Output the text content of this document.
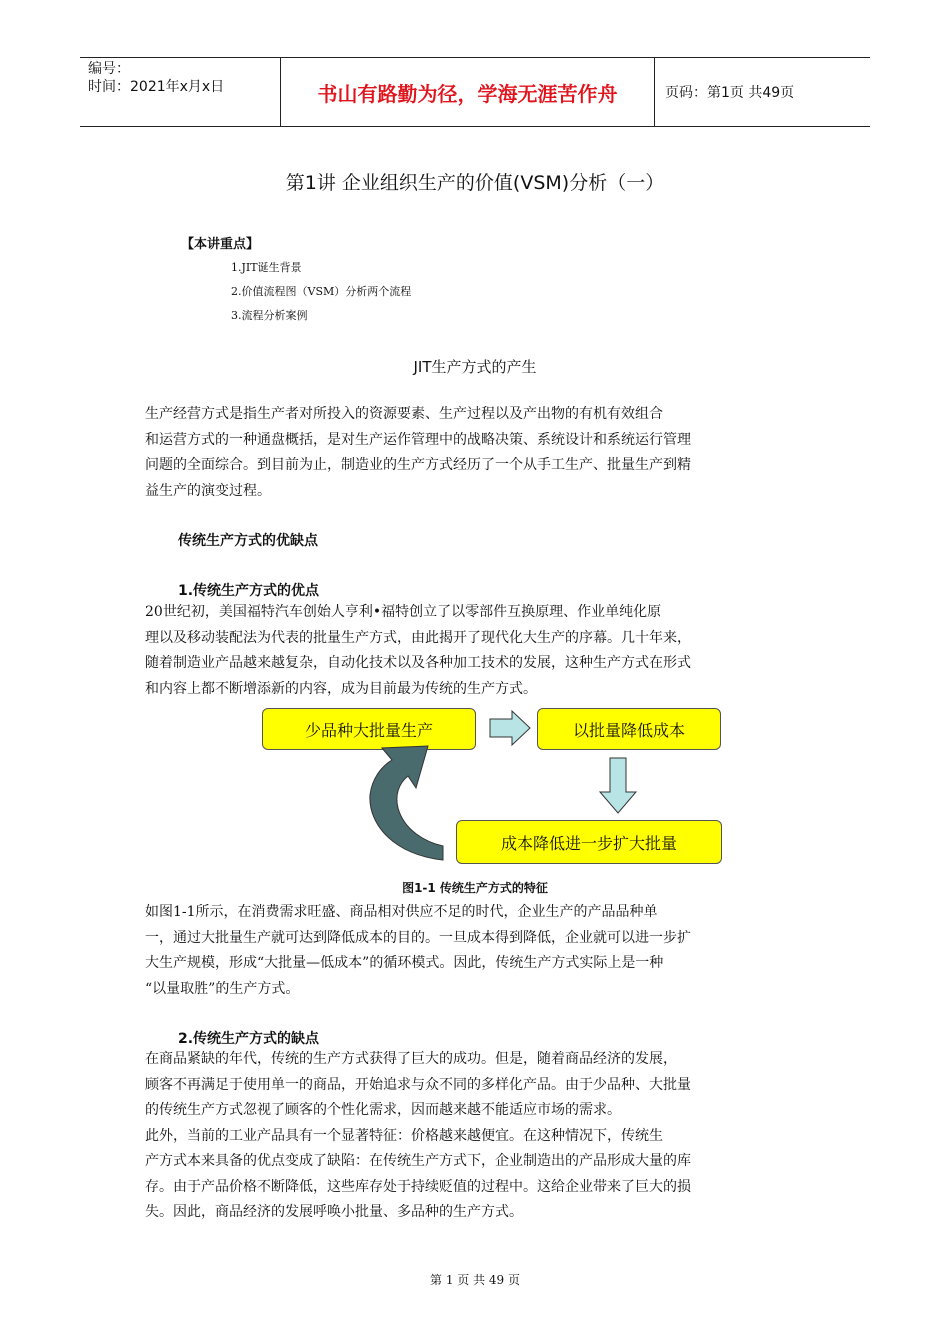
编号：
时间：2021年x月x日	书山有路勤为径，学海无涯苦作舟	页码：第1页 共49页
第1讲 企业组织生产的价值(VSM)分析（一）
【本讲重点】
1.JIT诞生背景
2.价值流程图（VSM）分析两个流程
3.流程分析案例
JIT生产方式的产生
生产经营方式是指生产者对所投入的资源要素、生产过程以及产出物的有机有效组合
和运营方式的一种通盘概括，是对生产运作管理中的战略决策、系统设计和系统运行管理
问题的全面综合。到目前为止，制造业的生产方式经历了一个从手工生产、批量生产到精
益生产的演变过程。
传统生产方式的优缺点
1.传统生产方式的优点
20世纪初，美国福特汽车创始人亨利•福特创立了以零部件互换原理、作业单纯化原
理以及移动装配法为代表的批量生产方式，由此揭开了现代化大生产的序幕。几十年来，
随着制造业产品越来越复杂，自动化技术以及各种加工技术的发展，这种生产方式在形式
和内容上都不断增添新的内容，成为目前最为传统的生产方式。
少品种大批量生产	以批量降低成本
成本降低进一步扩大批量
图1-1 传统生产方式的特征
如图1-1所示，在消费需求旺盛、商品相对供应不足的时代，企业生产的产品品种单
一，通过大批量生产就可达到降低成本的目的。一旦成本得到降低，企业就可以进一步扩
大生产规模，形成“大批量—低成本”的循环模式。因此，传统生产方式实际上是一种
“以量取胜”的生产方式。
2.传统生产方式的缺点
在商品紧缺的年代，传统的生产方式获得了巨大的成功。但是，随着商品经济的发展，
顾客不再满足于使用单一的商品，开始追求与众不同的多样化产品。由于少品种、大批量
的传统生产方式忽视了顾客的个性化需求，因而越来越不能适应市场的需求。
此外，当前的工业产品具有一个显著特征：价格越来越便宜。在这种情况下，传统生
产方式本来具备的优点变成了缺陷：在传统生产方式下，企业制造出的产品形成大量的库
存。由于产品价格不断降低，这些库存处于持续贬值的过程中。这给企业带来了巨大的损
失。因此，商品经济的发展呼唤小批量、多品种的生产方式。
第 1 页 共 49 页
